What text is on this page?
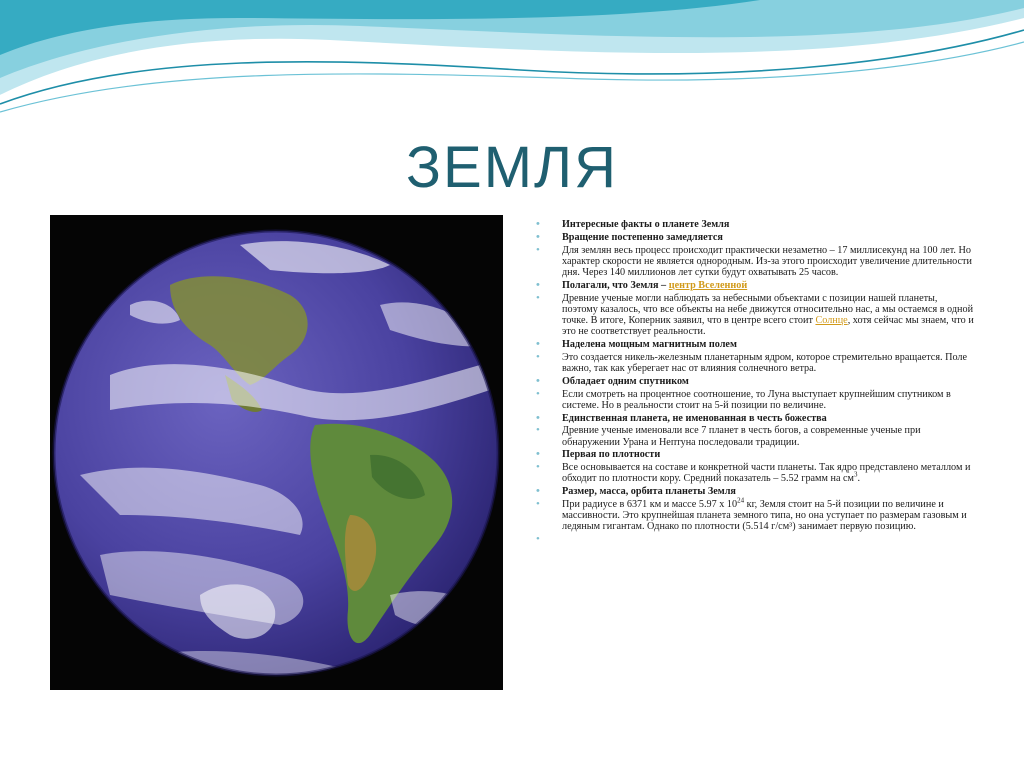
ЗЕМЛЯ
• Интересные факты о планете Земля
• Вращение постепенно замедляется
• Для землян весь процесс происходит практически незаметно – 17 миллисекунд на 100 лет. Но характер скорости не является однородным. Из-за этого происходит увеличение длительности дня. Через 140 миллионов лет сутки будут охватывать 25 часов.
• Полагали, что Земля – центр Вселенной
• Древние ученые могли наблюдать за небесными объектами с позиции нашей планеты, поэтому казалось, что все объекты на небе движутся относительно нас, а мы остаемся в одной точке. В итоге, Коперник заявил, что в центре всего стоит Солнце, хотя сейчас мы знаем, что и это не соответствует реальности.
• Наделена мощным магнитным полем
• Это создается никель-железным планетарным ядром, которое стремительно вращается. Поле важно, так как уберегает нас от влияния солнечного ветра.
• Обладает одним спутником
• Если смотреть на процентное соотношение, то Луна выступает крупнейшим спутником в системе. Но в реальности стоит на 5-й позиции по величине.
• Единственная планета, не именованная в честь божества
• Древние ученые именовали все 7 планет в честь богов, а современные ученые при обнаружении Урана и Нептуна последовали традиции.
• Первая по плотности
• Все основывается на составе и конкретной части планеты. Так ядро представлено металлом и обходит по плотности кору. Средний показатель – 5.52 грамм на $см^3$.
• Размер, масса, орбита планеты Земля
• При радиусе в 6371 км и массе 5.97 x $10^{24}$ кг, Земля стоит на 5-й позиции по величине и массивности. Это крупнейшая планета земного типа, но она уступает по размерам газовым и ледяным гигантам. Однако по плотности (5.514 г/см³) занимает первую позицию.
•
